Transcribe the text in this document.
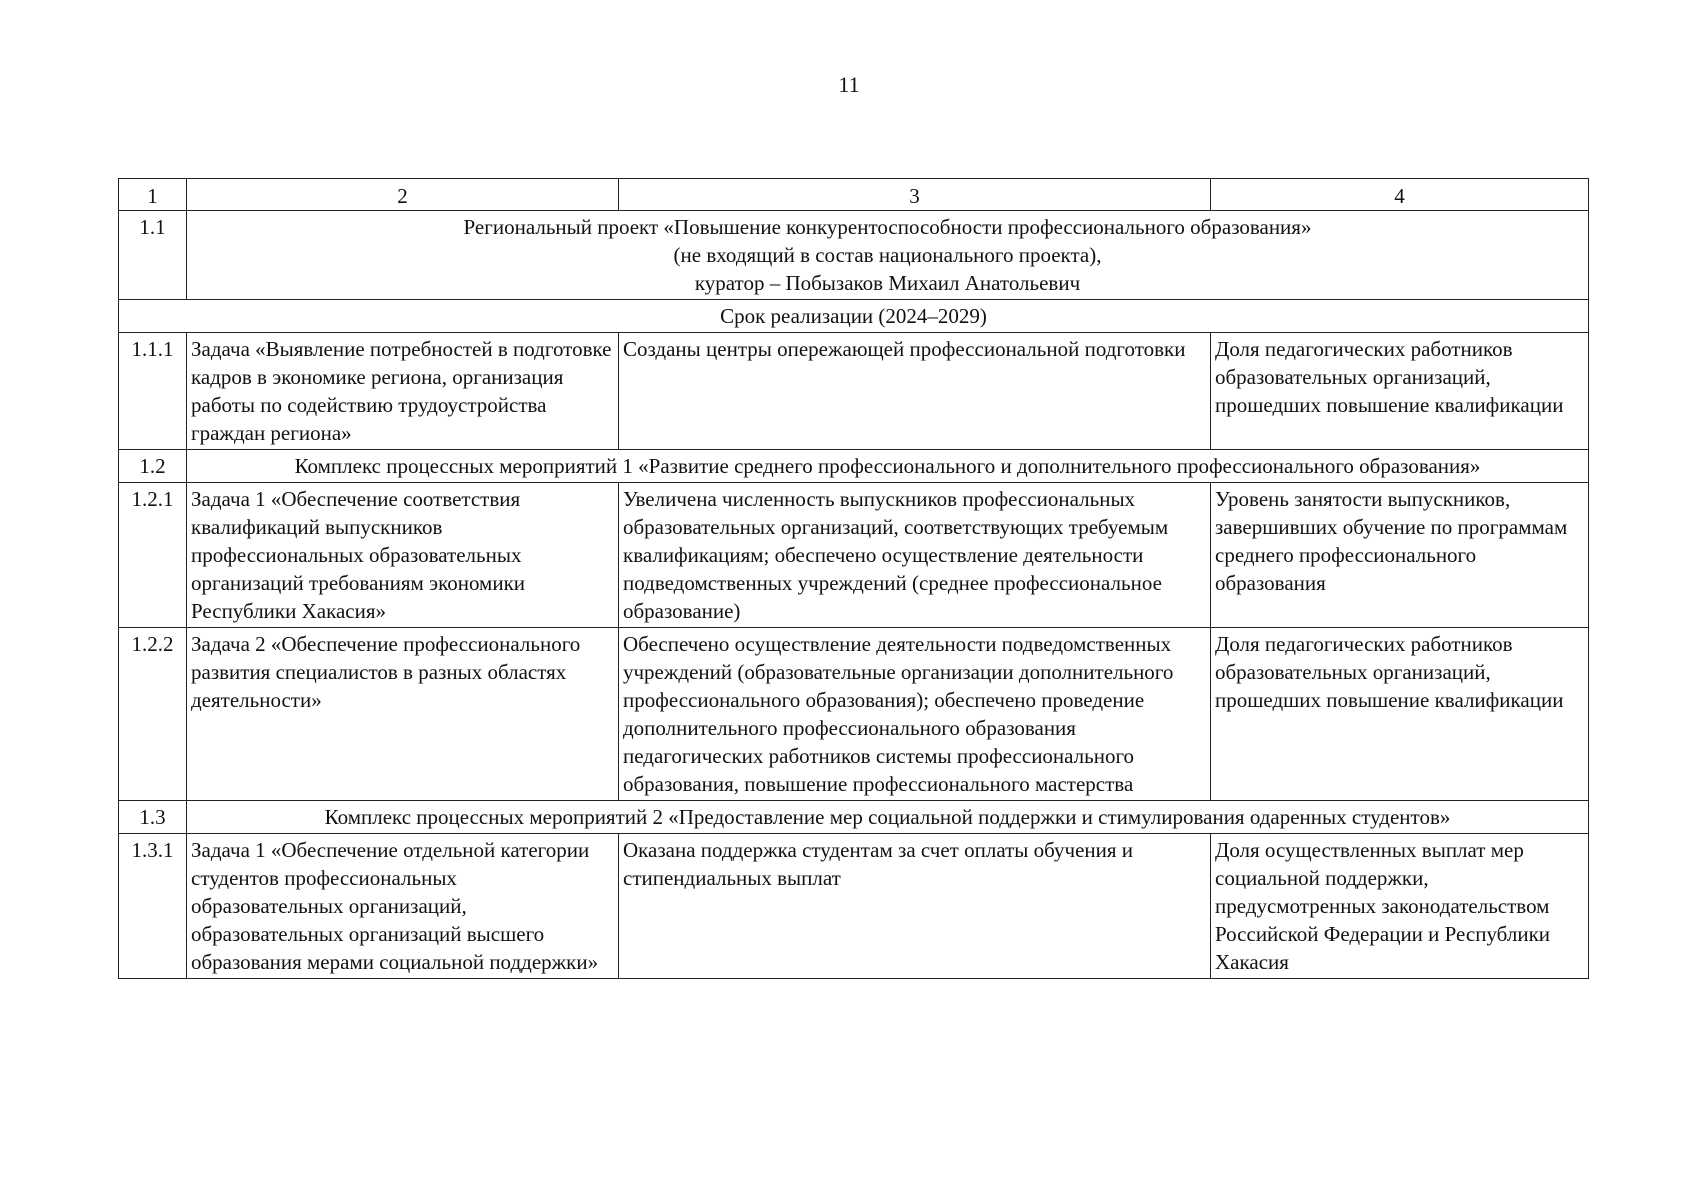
11
1	2	3	4
1.1	Региональный проект «Повышение конкурентоспособности профессионального образования»
(не входящий в состав национального проекта),
куратор – Побызаков Михаил Анатольевич		

Срок реализации (2024–2029)			
1.1.1	Задача «Выявление потребностей в подготовке кадров в экономике региона, организация работы по содействию трудоустройства граждан региона»	Созданы центры опережающей профессиональной подготовки	Доля педагогических работников образовательных организаций, прошедших повышение квалификации
1.2	Комплекс процессных мероприятий 1 «Развитие среднего профессионального и дополнительного профессионального образования»		
1.2.1	Задача 1 «Обеспечение соответствия квалификаций выпускников профессиональных образовательных организаций требованиям экономики Республики Хакасия»	Увеличена численность выпускников профессиональных образовательных организаций, соответствующих требуемым квалификациям; обеспечено осуществление деятельности подведомственных учреждений (среднее профессиональное образование)	Уровень занятости выпускников, завершивших обучение по программам среднего профессионального образования
1.2.2	Задача 2 «Обеспечение профессионального развития специалистов в разных областях деятельности»	Обеспечено осуществление деятельности подведомственных учреждений (образовательные организации дополнительного профессионального образования); обеспечено проведение дополнительного профессионального образования педагогических работников системы профессионального образования, повышение профессионального мастерства	Доля педагогических работников образовательных организаций, прошедших повышение квалификации
1.3	Комплекс процессных мероприятий 2 «Предоставление мер социальной поддержки и стимулирования одаренных студентов»		
1.3.1	Задача 1 «Обеспечение отдельной категории студентов профессиональных образовательных организаций, образовательных организаций высшего образования мерами социальной поддержки»	Оказана поддержка студентам за счет оплаты обучения и стипендиальных выплат	Доля осуществленных выплат мер социальной поддержки, предусмотренных законодательством Российской Федерации и Республики Хакасия
